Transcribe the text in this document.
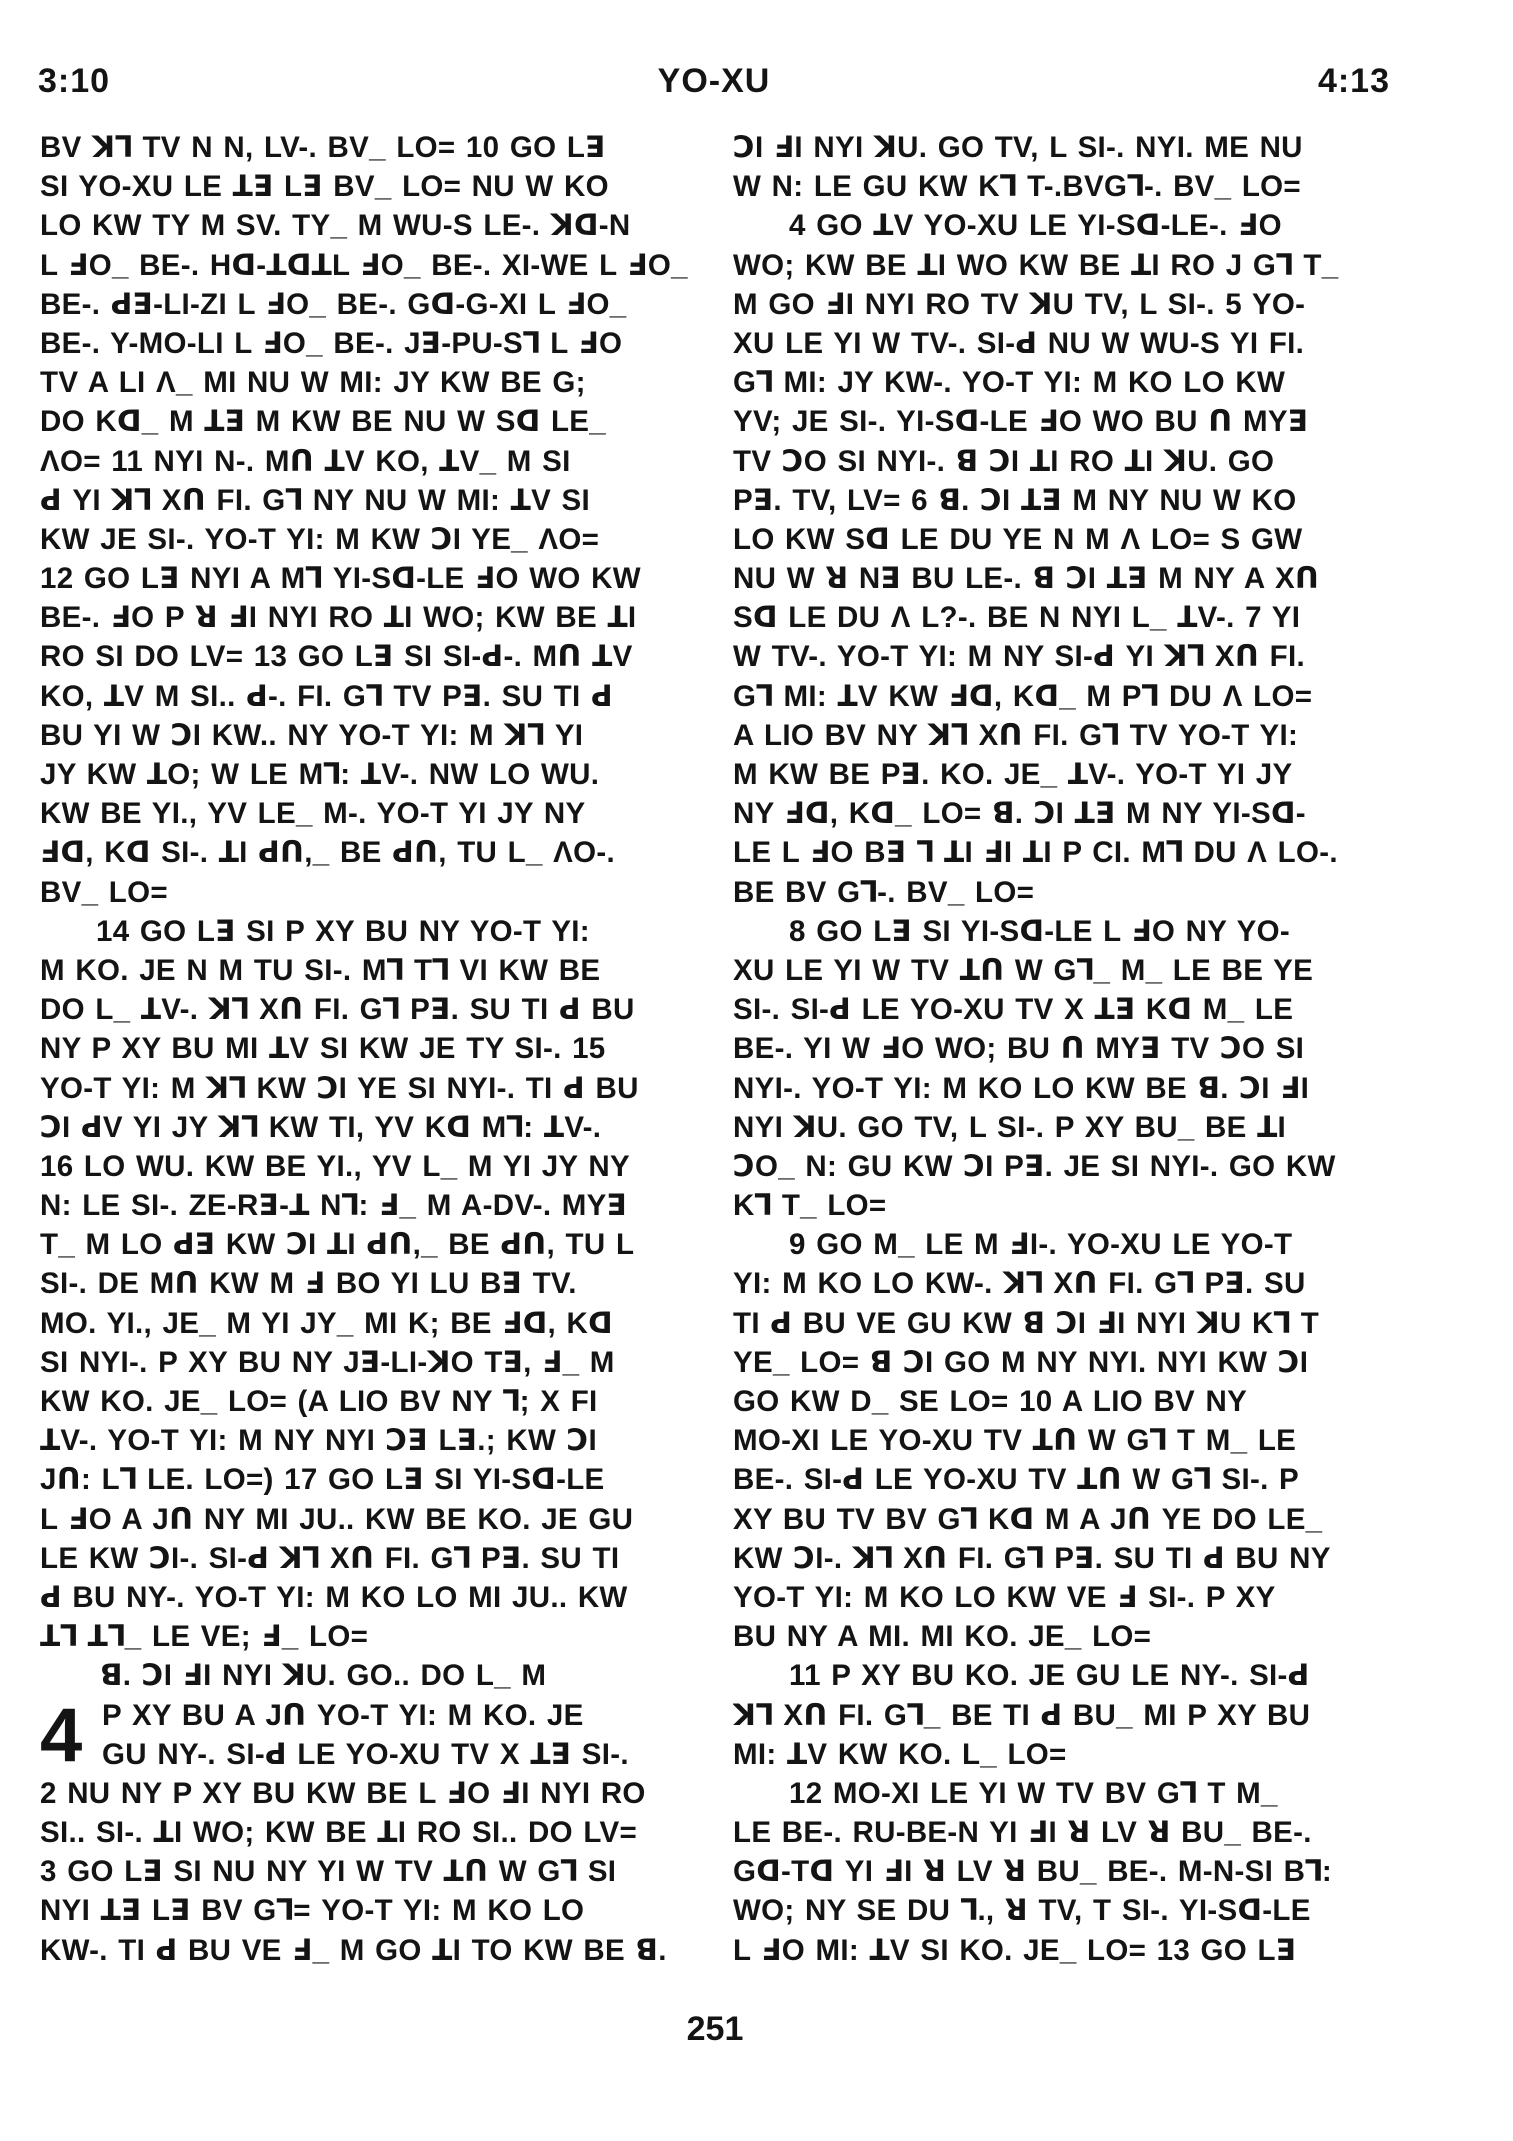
3:10	YO-XU	4:13
BV ꓘꓶ TV N N, LV-. BV_ LO= 10 GO Lꓱ
SI YO-XU LE ꓕꓱ Lꓱ BV_ LO= NU W KO
LO KW TY M SV. TY_ M WU-S LE-. ꓘꓷ-N
L ꓞO_ BE-. Hꓷ-ꓕꓷꓕL ꓞO_ BE-. XI-WE L ꓞO_
BE-. ꓒꓱ-LI-ZI L ꓞO_ BE-. Gꓷ-G-XI L ꓞO_
BE-. Y-MO-LI L ꓞO_ BE-. Jꓱ-PU-Sꓶ L ꓞO
TV A LI Λ_ MI NU W MI: JY KW BE G;
DO Kꓷ_ M ꓕꓱ M KW BE NU W Sꓷ LE_
ΛO= 11 NYI N-. Mꓵ ꓕV KO, ꓕV_ M SI
ꓒ YI ꓘꓶ Xꓵ FI. Gꓶ NY NU W MI: ꓕV SI
KW JE SI-. YO-T YI: M KW ꓛI YE_ ΛO=
12 GO Lꓱ NYI A Mꓶ YI-Sꓷ-LE ꓞO WO KW
BE-. ꓞO P ꓤ ꓞI NYI RO ꓕI WO; KW BE ꓕI
RO SI DO LV= 13 GO Lꓱ SI SI-ꓒ-. Mꓵ ꓕV
KO, ꓕV M SI.. ꓒ-. FI. Gꓶ TV Pꓱ. SU TI ꓒ
BU YI W ꓛI KW.. NY YO-T YI: M ꓘꓶ YI
JY KW ꓕO; W LE Mꓶ: ꓕV-. NW LO WU.
KW BE YI., YV LE_ M-. YO-T YI JY NY
ꓞꓷ, Kꓷ SI-. ꓕI ꓒꓵ,_ BE ꓒꓵ, TU L_ ΛO-.
BV_ LO=
14 GO Lꓱ SI P XY BU NY YO-T YI:
M KO. JE N M TU SI-. Mꓶ Tꓶ VI KW BE
DO L_ ꓕV-. ꓘꓶ Xꓵ FI. Gꓶ Pꓱ. SU TI ꓒ BU
NY P XY BU MI ꓕV SI KW JE TY SI-. 15
YO-T YI: M ꓘꓶ KW ꓛI YE SI NYI-. TI ꓒ BU
ꓛI ꓒV YI JY ꓘꓶ KW TI, YV Kꓷ Mꓶ: ꓕV-.
16 LO WU. KW BE YI., YV L_ M YI JY NY
N: LE SI-. ZE-Rꓱ-ꓕ Nꓶ: ꓞ_ M A-DV-. MYꓱ
T_ M LO ꓒꓱ KW ꓛI ꓕI ꓒꓵ,_ BE ꓒꓵ, TU L
SI-. DE Mꓵ KW M ꓞ BO YI LU Bꓱ TV.
MO. YI., JE_ M YI JY_ MI K; BE ꓞꓷ, Kꓷ
SI NYI-. P XY BU NY Jꓱ-LI-ꓘO Tꓱ, ꓞ_ M
KW KO. JE_ LO= (A LIO BV NY ꓶ; X FI
ꓕV-. YO-T YI: M NY NYI ꓛꓱ Lꓱ.; KW ꓛI
Jꓵ: Lꓶ LE. LO=) 17 GO Lꓱ SI YI-Sꓷ-LE
L ꓞO A Jꓵ NY MI JU.. KW BE KO. JE GU
LE KW ꓛI-. SI-ꓒ ꓘꓶ Xꓵ FI. Gꓶ Pꓱ. SU TI
ꓒ BU NY-. YO-T YI: M KO LO MI JU.. KW
ꓕꓶ ꓕꓶ_ LE VE; ꓞ_ LO=
ꓭ. ꓛI ꓞI NYI ꓘU. GO.. DO L_ M
4 P XY BU A Jꓵ YO-T YI: M KO. JE
GU NY-. SI-ꓒ LE YO-XU TV X ꓕꓱ SI-.
2 NU NY P XY BU KW BE L ꓞO ꓞI NYI RO
SI.. SI-. ꓕI WO; KW BE ꓕI RO SI.. DO LV=
3 GO Lꓱ SI NU NY YI W TV ꓕꓵ W Gꓶ SI
NYI ꓕꓱ Lꓱ BV Gꓶ= YO-T YI: M KO LO
KW-. TI ꓒ BU VE ꓞ_ M GO ꓕI TO KW BE ꓭ.
ꓛI ꓞI NYI ꓘU. GO TV, L SI-. NYI. ME NU
W N: LE GU KW Kꓶ T-.BVGꓶ-. BV_ LO=
4 GO ꓕV YO-XU LE YI-Sꓷ-LE-. ꓞO
WO; KW BE ꓕI WO KW BE ꓕI RO J Gꓶ T_
M GO ꓞI NYI RO TV ꓘU TV, L SI-. 5 YO-
XU LE YI W TV-. SI-ꓒ NU W WU-S YI FI.
Gꓶ MI: JY KW-. YO-T YI: M KO LO KW
YV; JE SI-. YI-Sꓷ-LE ꓞO WO BU ꓵ MYꓱ
TV ꓛO SI NYI-. ꓭ ꓛI ꓕI RO ꓕI ꓘU. GO
Pꓱ. TV, LV= 6 ꓭ. ꓛI ꓕꓱ M NY NU W KO
LO KW Sꓷ LE DU YE N M Λ LO= S GW
NU W ꓤ Nꓱ BU LE-. ꓭ ꓛI ꓕꓱ M NY A Xꓵ
Sꓷ LE DU Λ L?-. BE N NYI L_ ꓕV-. 7 YI
W TV-. YO-T YI: M NY SI-ꓒ YI ꓘꓶ Xꓵ FI.
Gꓶ MI: ꓕV KW ꓞꓷ, Kꓷ_ M Pꓶ DU Λ LO=
A LIO BV NY ꓘꓶ Xꓵ FI. Gꓶ TV YO-T YI:
M KW BE Pꓱ. KO. JE_ ꓕV-. YO-T YI JY
NY ꓞꓷ, Kꓷ_ LO= ꓭ. ꓛI ꓕꓱ M NY YI-Sꓷ-
LE L ꓞO Bꓱ ꓶ ꓕI ꓞI ꓕI P CI. Mꓶ DU Λ LO-.
BE BV Gꓶ-. BV_ LO=
8 GO Lꓱ SI YI-Sꓷ-LE L ꓞO NY YO-
XU LE YI W TV ꓕꓵ W Gꓶ_ M_ LE BE YE
SI-. SI-ꓒ LE YO-XU TV X ꓕꓱ Kꓷ M_ LE
BE-. YI W ꓞO WO; BU ꓵ MYꓱ TV ꓛO SI
NYI-. YO-T YI: M KO LO KW BE ꓭ. ꓛI ꓞI
NYI ꓘU. GO TV, L SI-. P XY BU_ BE ꓕI
ꓛO_ N: GU KW ꓛI Pꓱ. JE SI NYI-. GO KW
Kꓶ T_ LO=
9 GO M_ LE M ꓞI-. YO-XU LE YO-T
YI: M KO LO KW-. ꓘꓶ Xꓵ FI. Gꓶ Pꓱ. SU
TI ꓒ BU VE GU KW ꓭ ꓛI ꓞI NYI ꓘU Kꓶ T
YE_ LO= ꓭ ꓛI GO M NY NYI. NYI KW ꓛI
GO KW D_ SE LO= 10 A LIO BV NY
MO-XI LE YO-XU TV ꓕꓵ W Gꓶ T M_ LE
BE-. SI-ꓒ LE YO-XU TV ꓕꓵ W Gꓶ SI-. P
XY BU TV BV Gꓶ Kꓷ M A Jꓵ YE DO LE_
KW ꓛI-. ꓘꓶ Xꓵ FI. Gꓶ Pꓱ. SU TI ꓒ BU NY
YO-T YI: M KO LO KW VE ꓞ SI-. P XY
BU NY A MI. MI KO. JE_ LO=
11 P XY BU KO. JE GU LE NY-. SI-ꓒ
ꓘꓶ Xꓵ FI. Gꓶ_ BE TI ꓒ BU_ MI P XY BU
MI: ꓕV KW KO. L_ LO=
12 MO-XI LE YI W TV BV Gꓶ T M_
LE BE-. RU-BE-N YI ꓞI ꓤ LV ꓤ BU_ BE-.
Gꓷ-Tꓷ YI ꓞI ꓤ LV ꓤ BU_ BE-. M-N-SI Bꓶ:
WO; NY SE DU ꓶ., ꓤ TV, T SI-. YI-Sꓷ-LE
L ꓞO MI: ꓕV SI KO. JE_ LO= 13 GO Lꓱ
251
